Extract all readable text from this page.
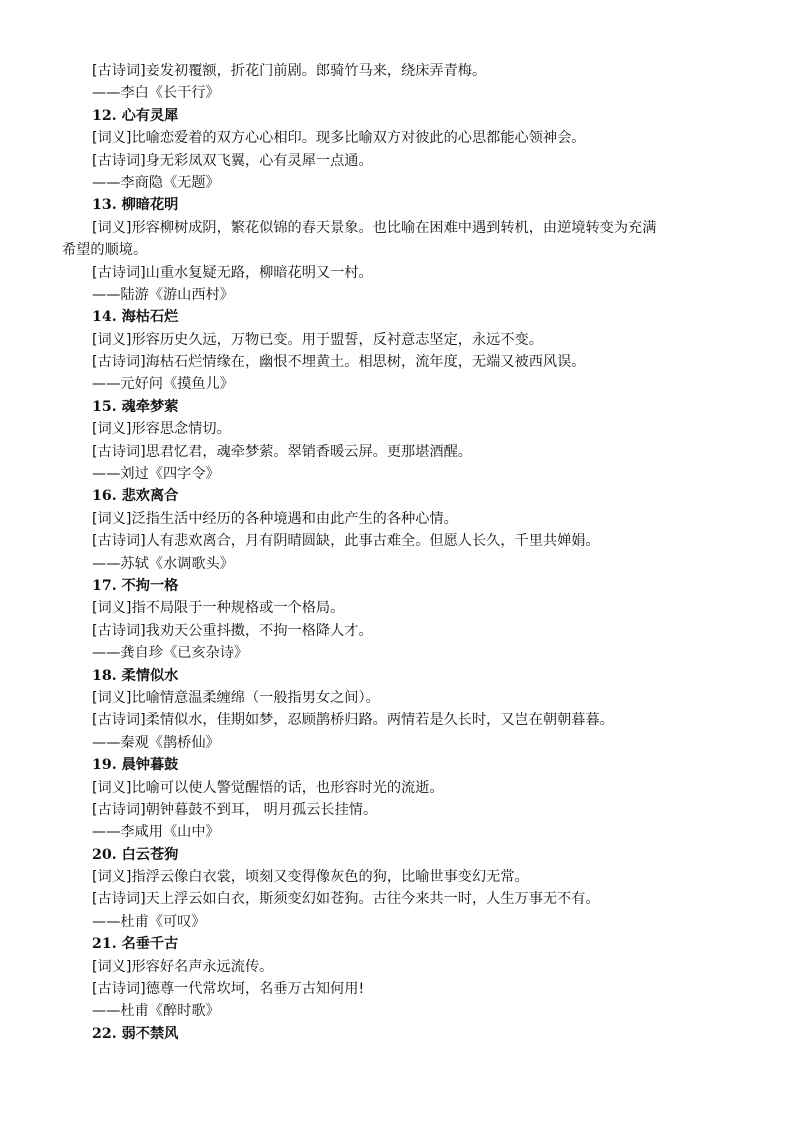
[古诗词]妾发初覆额，折花门前剧。郎骑竹马来，绕床弄青梅。
——李白《长干行》
12. 心有灵犀
[词义]比喻恋爱着的双方心心相印。现多比喻双方对彼此的心思都能心领神会。
[古诗词]身无彩凤双飞翼，心有灵犀一点通。
——李商隐《无题》
13. 柳暗花明
[词义]形容柳树成阴，繁花似锦的春天景象。也比喻在困难中遇到转机，由逆境转变为充满
希望的顺境。
[古诗词]山重水复疑无路，柳暗花明又一村。
——陆游《游山西村》
14. 海枯石烂
[词义]形容历史久远，万物已变。用于盟誓，反衬意志坚定，永远不变。
[古诗词]海枯石烂情缘在，幽恨不埋黄土。相思树，流年度，无端又被西风误。
——元好问《摸鱼儿》
15. 魂牵梦萦
[词义]形容思念情切。
[古诗词]思君忆君，魂牵梦萦。翠销香暖云屏。更那堪酒醒。
——刘过《四字令》
16. 悲欢离合
[词义]泛指生活中经历的各种境遇和由此产生的各种心情。
[古诗词]人有悲欢离合，月有阴晴圆缺，此事古难全。但愿人长久，千里共婵娟。
——苏轼《水调歌头》
17. 不拘一格
[词义]指不局限于一种规格或一个格局。
[古诗词]我劝天公重抖擞，不拘一格降人才。
——龚自珍《已亥杂诗》
18. 柔情似水
[词义]比喻情意温柔缠绵（一般指男女之间）。
[古诗词]柔情似水，佳期如梦，忍顾鹊桥归路。两情若是久长时，又岂在朝朝暮暮。
——秦观《鹊桥仙》
19. 晨钟暮鼓
[词义]比喻可以使人警觉醒悟的话，也形容时光的流逝。
[古诗词]朝钟暮鼓不到耳， 明月孤云长挂情。
——李咸用《山中》
20. 白云苍狗
[词义]指浮云像白衣裳，顷刻又变得像灰色的狗，比喻世事变幻无常。
[古诗词]天上浮云如白衣，斯须变幻如苍狗。古往今来共一时，人生万事无不有。
——杜甫《可叹》
21. 名垂千古
[词义]形容好名声永远流传。
[古诗词]德尊一代常坎坷，名垂万古知何用!
——杜甫《醉时歌》
22. 弱不禁风
